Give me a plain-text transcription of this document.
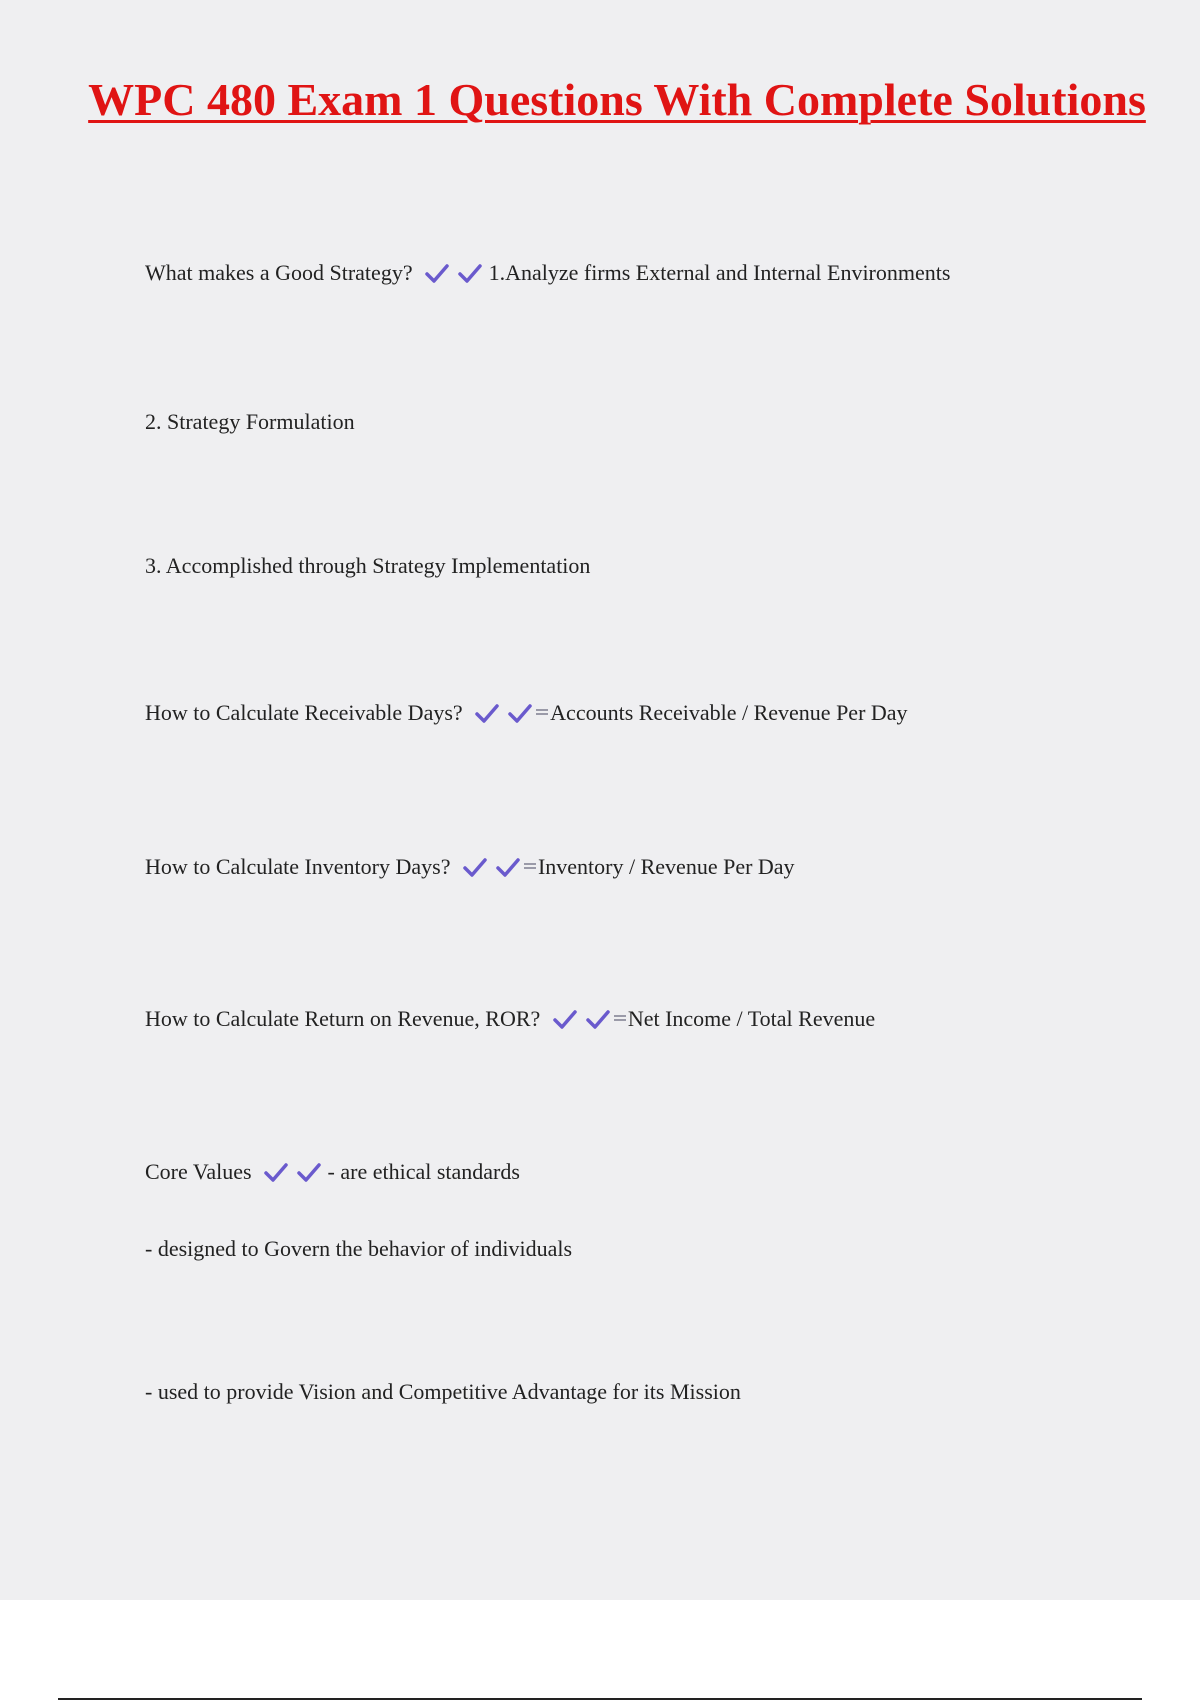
WPC 480 Exam 1 Questions With Complete Solutions
What makes a Good Strategy?	1.Analyze firms External and Internal Environments
2. Strategy Formulation
3. Accomplished through Strategy Implementation
How to Calculate Receivable Days?	Accounts Receivable / Revenue Per Day
How to Calculate Inventory Days?	Inventory / Revenue Per Day
How to Calculate Return on Revenue, ROR?	Net Income / Total Revenue
Core Values	- are ethical standards
- designed to Govern the behavior of individuals
- used to provide Vision and Competitive Advantage for its Mission
